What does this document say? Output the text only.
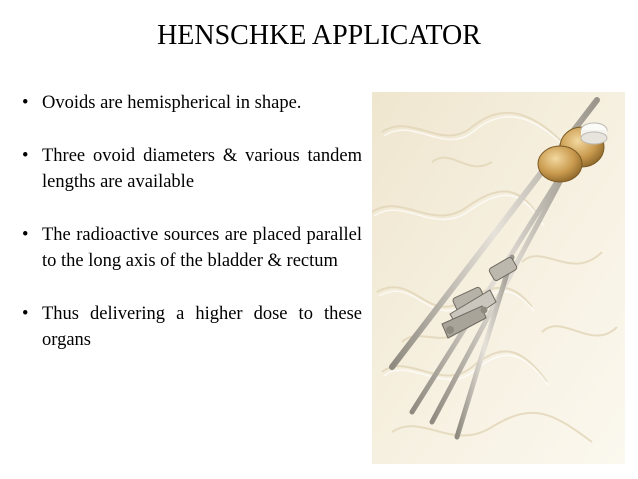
HENSCHKE APPLICATOR
• Ovoids are hemispherical in shape.
• Three ovoid diameters & various tandem lengths are available
• The radioactive sources are placed parallel to the long axis of the bladder & rectum
• Thus delivering a higher dose to these organs
